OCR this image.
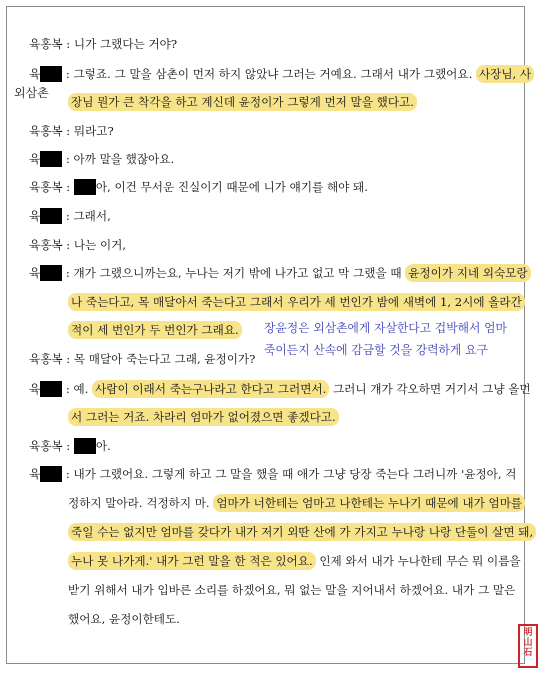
육홍복 : 니가 그랬다는 거야?
육 : 그렇죠. 그 말을 삼촌이 먼저 하지 않았냐 그러는 거예요. 그래서 내가 그랬어요. 사장님, 사
외삼촌
장님 뭔가 큰 착각을 하고 계신데 윤정이가 그렇게 먼저 말을 했다고.
육홍복 : 뭐라고?
육 : 아까 말을 했잖아요.
육홍복 : 아, 이건 무서운 진실이기 때문에 니가 얘기를 해야 돼.
육 : 그래서,
육홍복 : 나는 이거,
육 : 걔가 그랬으니까는요, 누나는 저기 밖에 나가고 없고 막 그랬을 때 윤정이가 지네 외숙모랑
나 죽는다고, 목 매달아서 죽는다고 그래서 우리가 세 번인가 밤에 새벽에 1, 2시에 올라간
적이 세 번인가 두 번인가 그래요. 장윤정은 외삼촌에게 자살한다고 겁박해서 엄마
죽이든지 산속에 감금할 것을 강력하게 요구
육홍복 : 목 매달아 죽는다고 그래, 윤정이가?
육 : 예. 사람이 이래서 죽는구나라고 한다고 그러면서. 그러니 걔가 각오하면 거기서 그냥 올먼
서 그러는 거죠. 차라리 엄마가 없어졌으면 좋겠다고.
육홍복 : 아.
육 : 내가 그랬어요. 그렇게 하고 그 말을 했을 때 애가 그냥 당장 죽는다 그러니까 '윤정아, 걱
정하지 말아라. 걱정하지 마. 엄마가 너한테는 엄마고 나한테는 누나기 때문에 내가 엄마를
죽일 수는 없지만 엄마를 갖다가 내가 저기 외딴 산에 가 가지고 누나랑 나랑 단둘이 살면 돼,
누나 못 나가게.' 내가 그런 말을 한 적은 있어요. 인제 와서 내가 누나한테 무슨 뭐 이름을
받기 위해서 내가 입바른 소리를 하겠어요, 뭐 없는 말을 지어내서 하겠어요. 내가 그 말은
했어요, 윤정이한테도.
明 山 石
